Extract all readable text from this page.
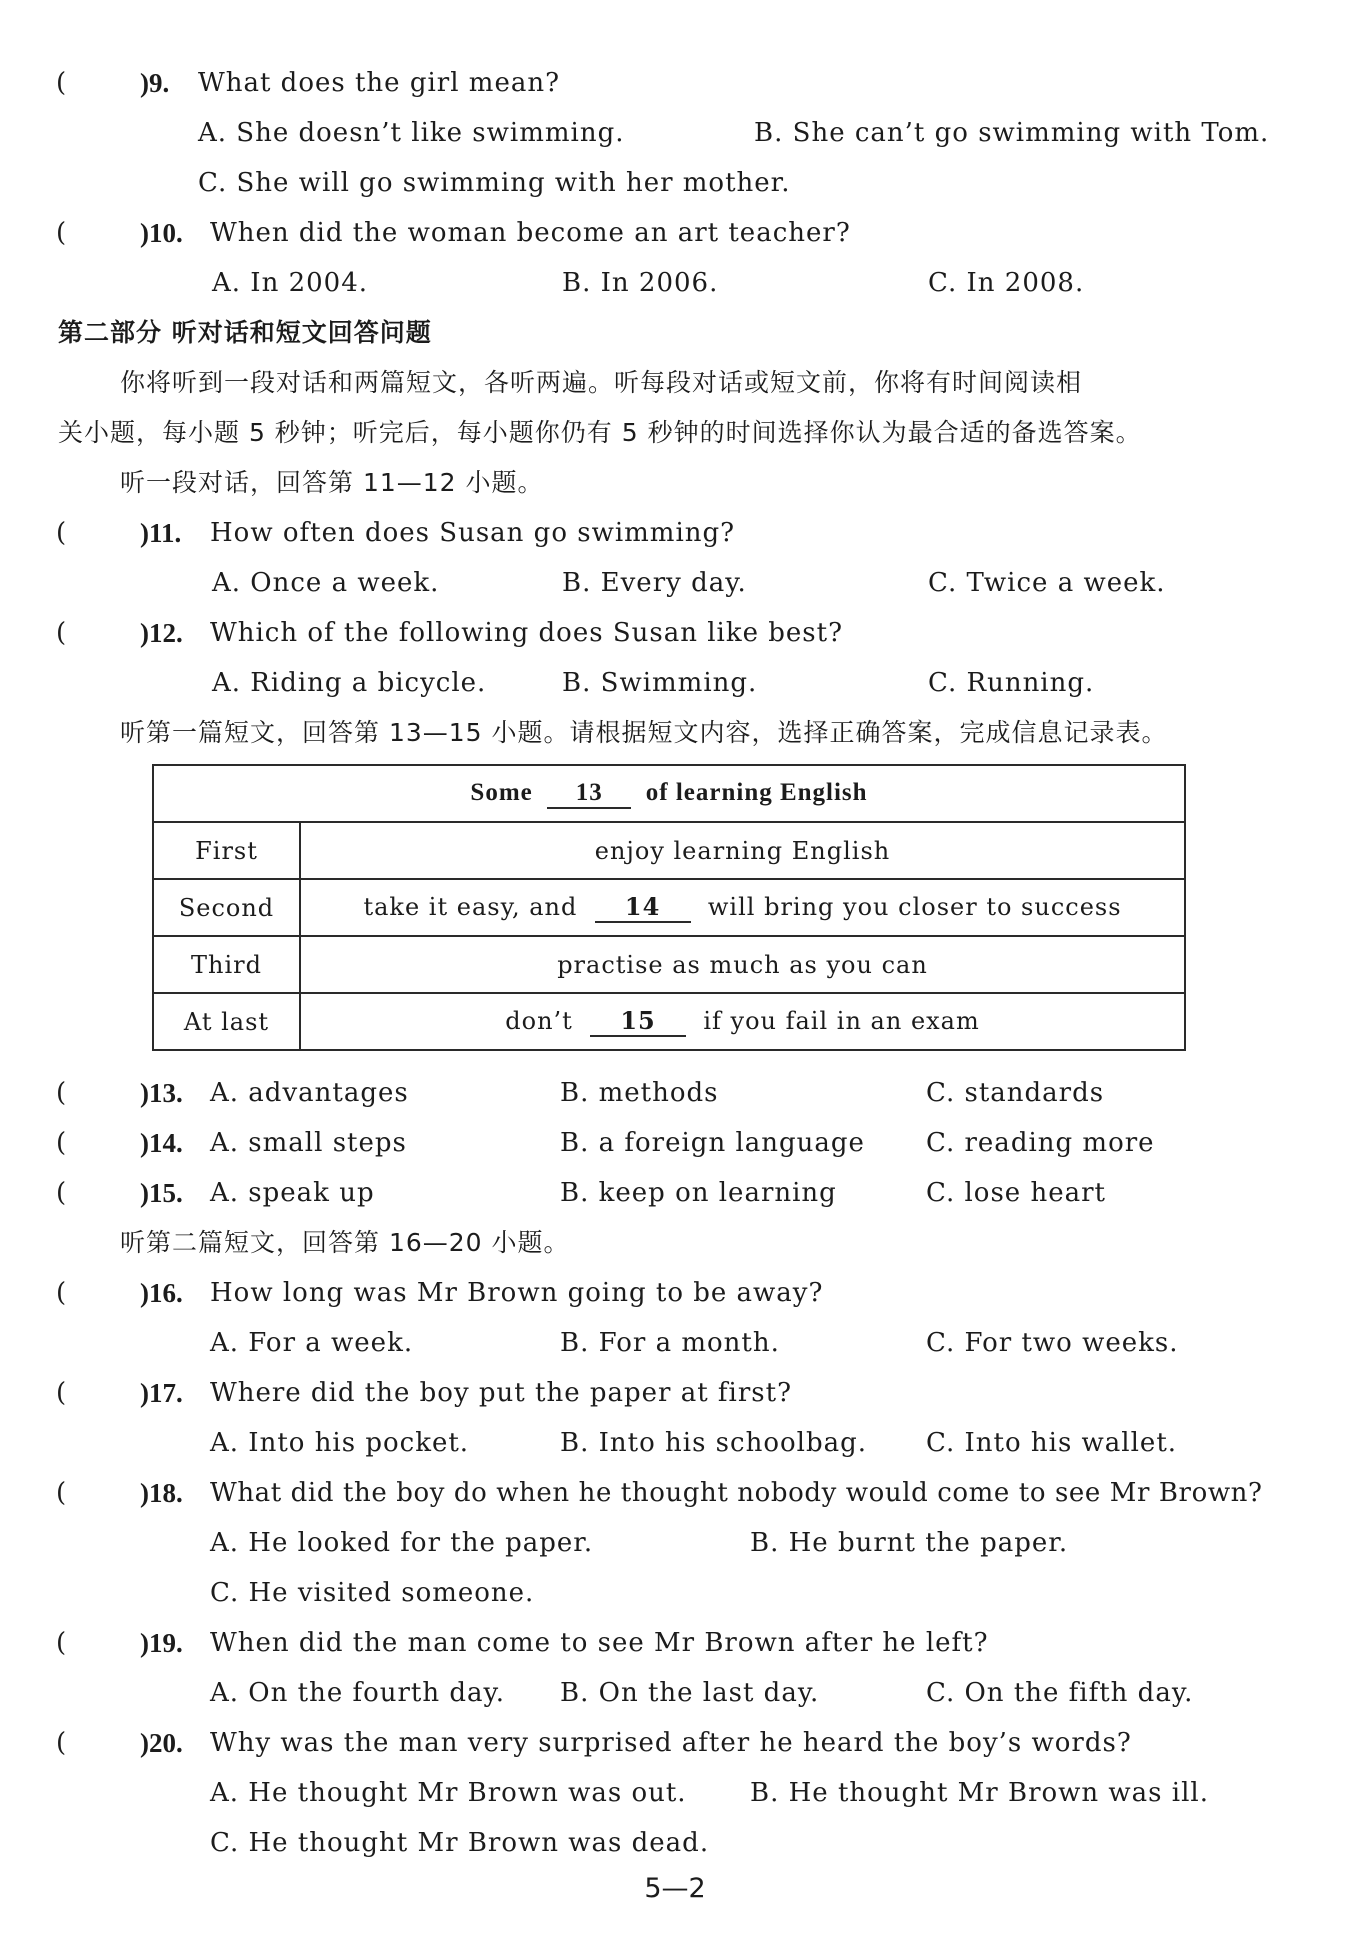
(	)9. What does the girl mean?
A. She doesn’t like swimming.	B. She can’t go swimming with Tom.
C. She will go swimming with her mother.
(	)10. When did the woman become an art teacher?
A. In 2004.	B. In 2006.	C. In 2008.
第二部分 听对话和短文回答问题
你将听到一段对话和两篇短文，各听两遍。听每段对话或短文前，你将有时间阅读相
关小题，每小题 5 秒钟；听完后，每小题你仍有 5 秒钟的时间选择你认为最合适的备选答案。
听一段对话，回答第 11—12 小题。
(	)11. How often does Susan go swimming?
A. Once a week.	B. Every day.	C. Twice a week.
(	)12. Which of the following does Susan like best?
A. Riding a bicycle.	B. Swimming.	C. Running.
听第一篇短文，回答第 13—15 小题。请根据短文内容，选择正确答案，完成信息记录表。
Some 13 of learning English	
First	enjoy learning English
Second	take it easy, and 14 will bring you closer to success
Third	practise as much as you can
At last	don’t 15 if you fail in an exam
(	)13. A. advantages	B. methods	C. standards
(	)14. A. small steps	B. a foreign language C. reading more
(	)15. A. speak up	B. keep on learning	C. lose heart
听第二篇短文，回答第 16—20 小题。
(	)16. How long was Mr Brown going to be away?
A. For a week.	B. For a month.	C. For two weeks.
(	)17. Where did the boy put the paper at first?
A. Into his pocket.	B. Into his schoolbag. C. Into his wallet.
(	)18. What did the boy do when he thought nobody would come to see Mr Brown?
A. He looked for the paper.	B. He burnt the paper.
C. He visited someone.
(	)19. When did the man come to see Mr Brown after he left?
A. On the fourth day. B. On the last day.	C. On the fifth day.
(	)20. Why was the man very surprised after he heard the boy’s words?
A. He thought Mr Brown was out. B. He thought Mr Brown was ill.
C. He thought Mr Brown was dead.
5—2
